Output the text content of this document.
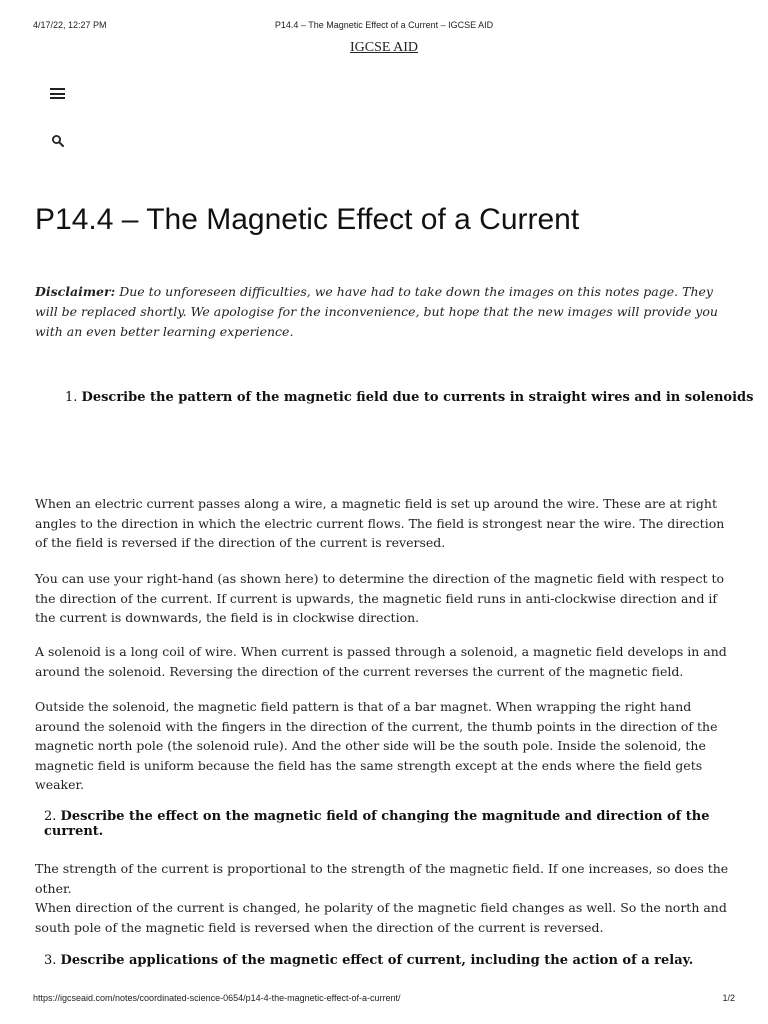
4/17/22, 12:27 PM	P14.4 – The Magnetic Effect of a Current – IGCSE AID
IGCSE AID
P14.4 – The Magnetic Effect of a Current

Disclaimer: Due to unforeseen difficulties, we have had to take down the images on this notes page. They will be replaced shortly. We apologise for the inconvenience, but hope that the new images will provide you with an even better learning experience.

1. Describe the pattern of the magnetic field due to currents in straight wires and in solenoids

When an electric current passes along a wire, a magnetic field is set up around the wire. These are at right angles to the direction in which the electric current flows. The field is strongest near the wire. The direction of the field is reversed if the direction of the current is reversed.

You can use your right-hand (as shown here) to determine the direction of the magnetic field with respect to the direction of the current. If current is upwards, the magnetic field runs in anti-clockwise direction and if the current is downwards, the field is in clockwise direction.

A solenoid is a long coil of wire. When current is passed through a solenoid, a magnetic field develops in and around the solenoid. Reversing the direction of the current reverses the current of the magnetic field.

Outside the solenoid, the magnetic field pattern is that of a bar magnet. When wrapping the right hand around the solenoid with the fingers in the direction of the current, the thumb points in the direction of the magnetic north pole (the solenoid rule). And the other side will be the south pole. Inside the solenoid, the magnetic field is uniform because the field has the same strength except at the ends where the field gets weaker.

2. Describe the effect on the magnetic field of changing the magnitude and direction of the current.

The strength of the current is proportional to the strength of the magnetic field. If one increases, so does the other.

When direction of the current is changed, he polarity of the magnetic field changes as well. So the north and south pole of the magnetic field is reversed when the direction of the current is reversed.

3. Describe applications of the magnetic effect of current, including the action of a relay.

https://igcseaid.com/notes/coordinated-science-0654/p14-4-the-magnetic-effect-of-a-current/	1/2
